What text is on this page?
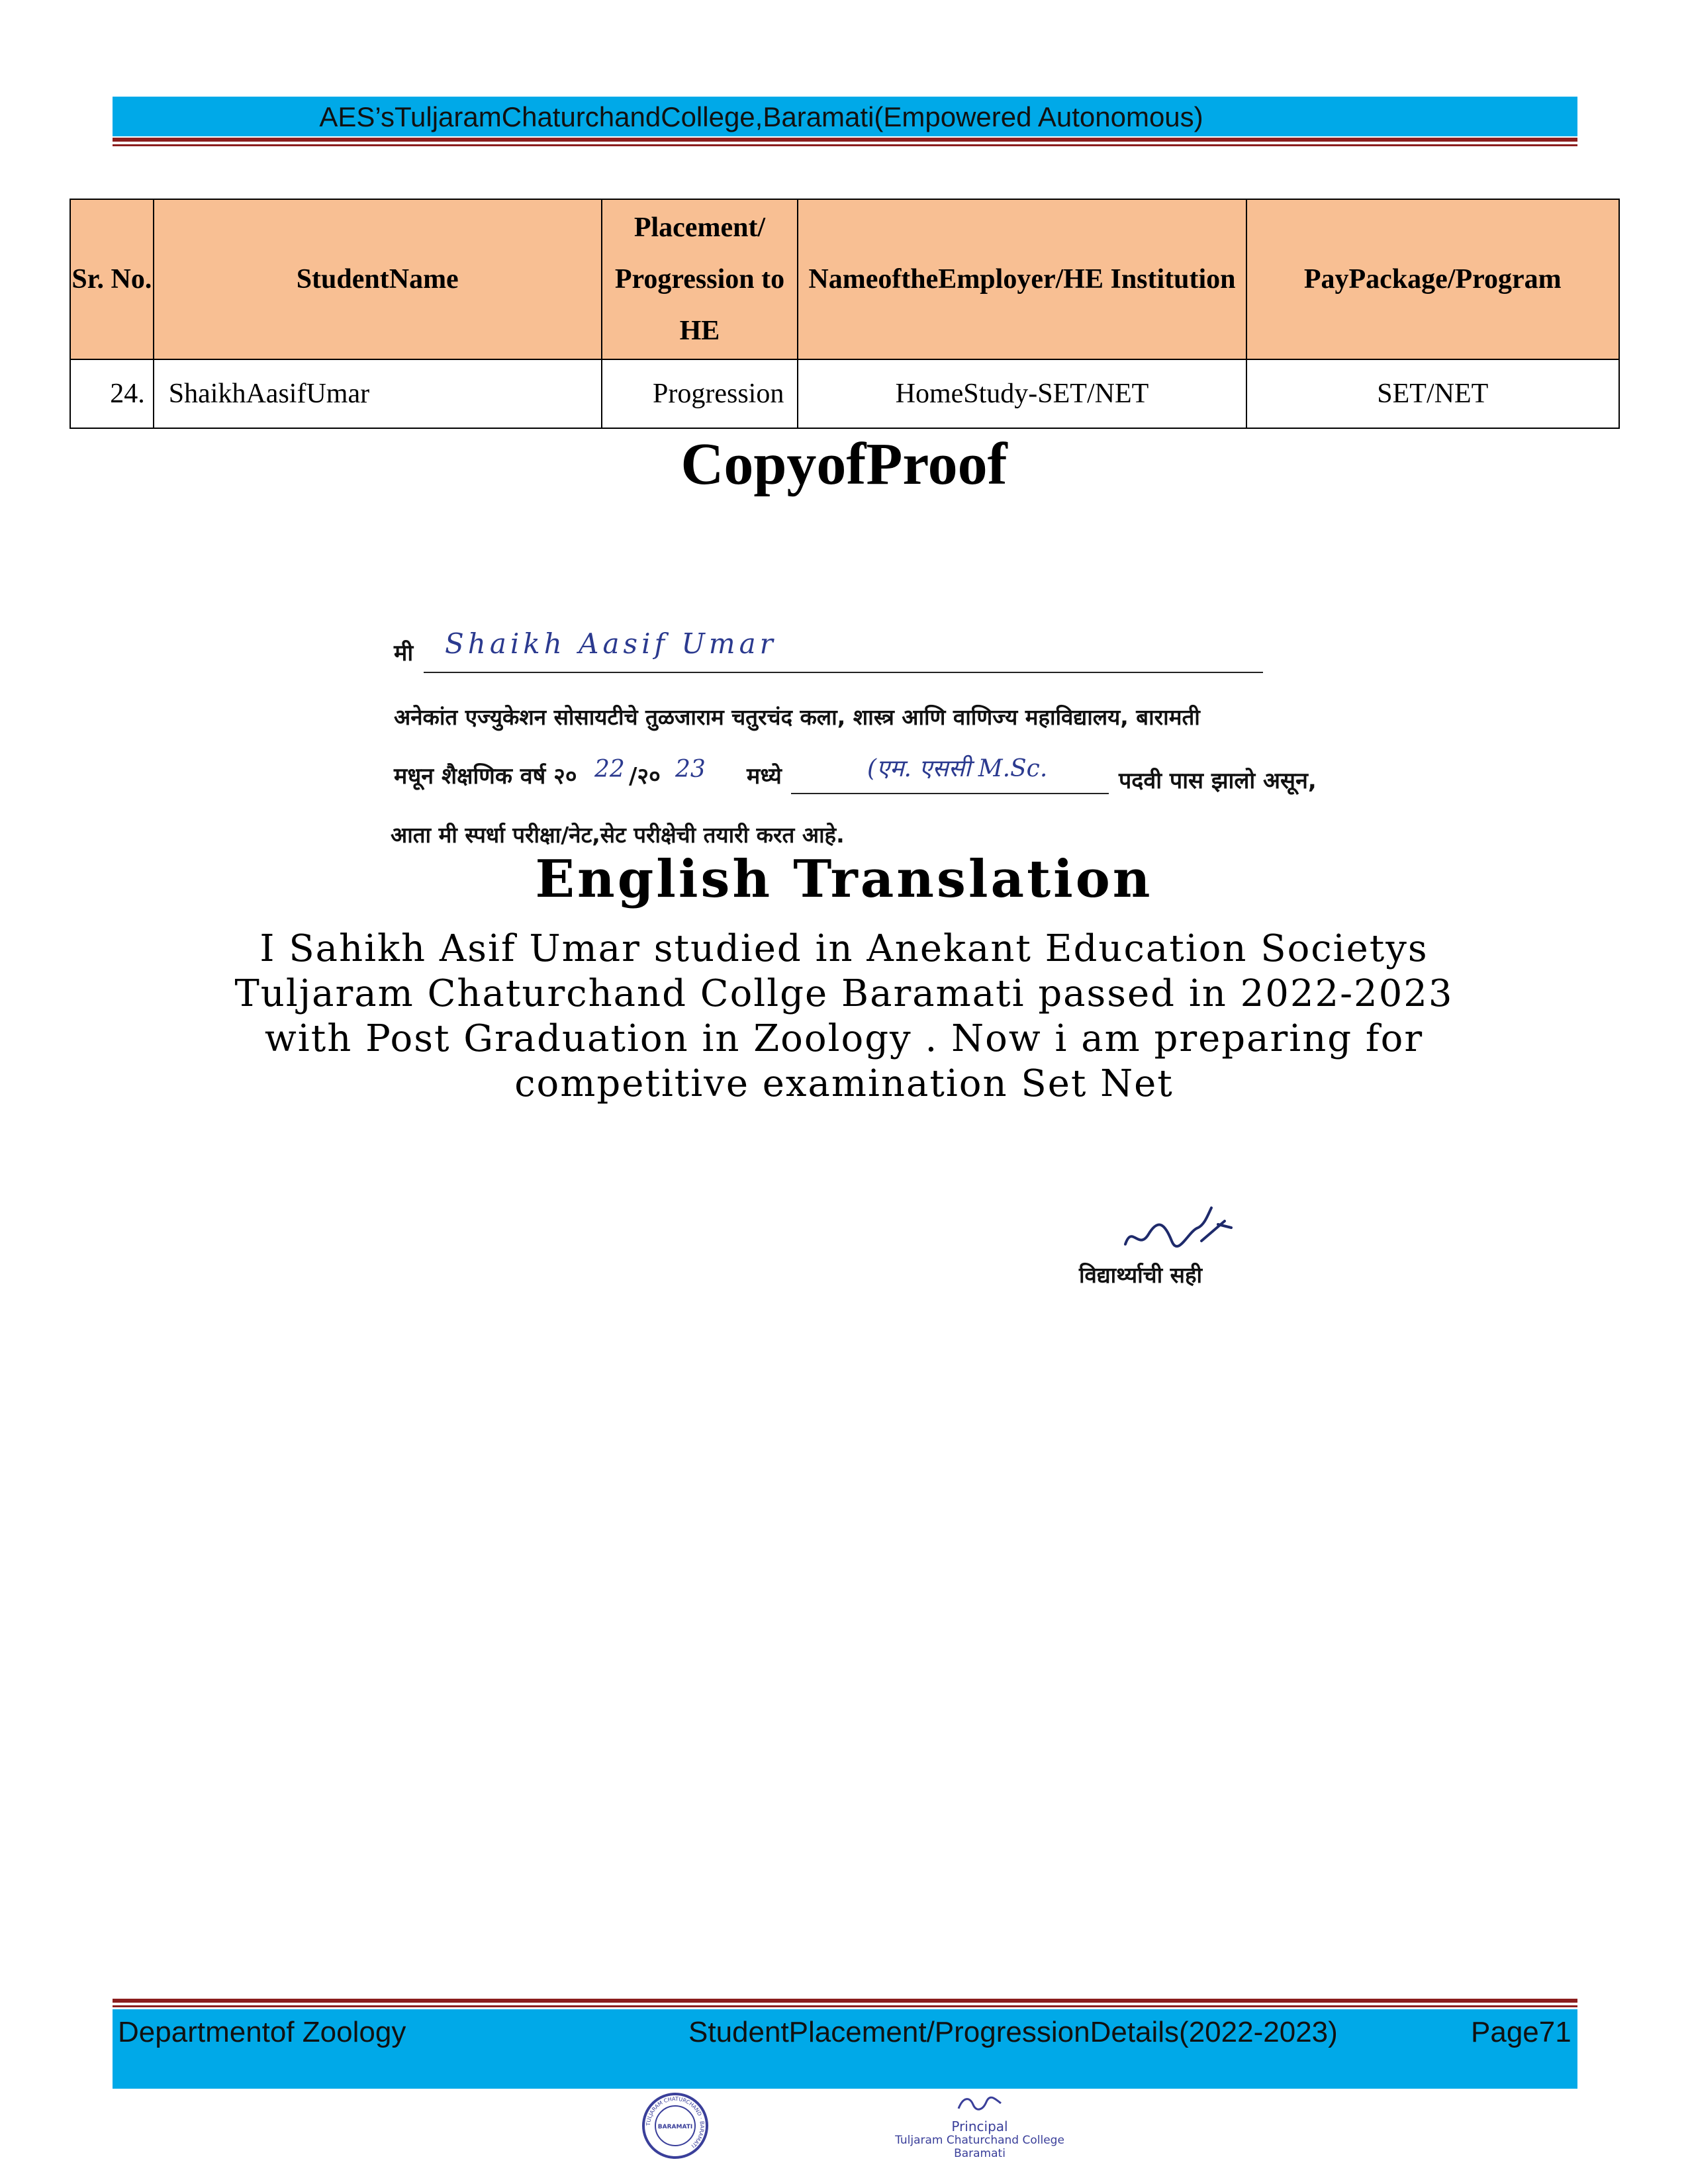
AES’sTuljaramChaturchandCollege,Baramati(Empowered Autonomous)
Sr. No.	StudentName	Placement/ Progression to HE	NameoftheEmployer/HE Institution	PayPackage/Program
24.	ShaikhAasifUmar	Progression	HomeStudy-SET/NET	SET/NET
CopyofProof
मी Shaikh Aasif Umar
अनेकांत एज्युकेशन सोसायटीचे तुळजाराम चतुरचंद कला, शास्त्र आणि वाणिज्य महाविद्यालय, बारामती
मधून शैक्षणिक वर्ष २० 22 /२० 23 मध्ये	(एम. एससी M.Sc.	पदवी पास झालो असून,
आता मी स्पर्धा परीक्षा/नेट,सेट परीक्षेची तयारी करत आहे.
English Translation
I Sahikh Asif Umar studied in Anekant Education Societys Tuljaram Chaturchand Collge Baramati passed in 2022-2023 with Post Graduation in Zoology . Now i am preparing for competitive examination Set Net
विद्यार्थ्याची सही
Departmentof Zoology	StudentPlacement/ProgressionDetails(2022-2023)	Page71
TULJARAM CHATURCHAND · BARAMATI
BARAMATI	Principal
Tuljaram Chaturchand College
Baramati
